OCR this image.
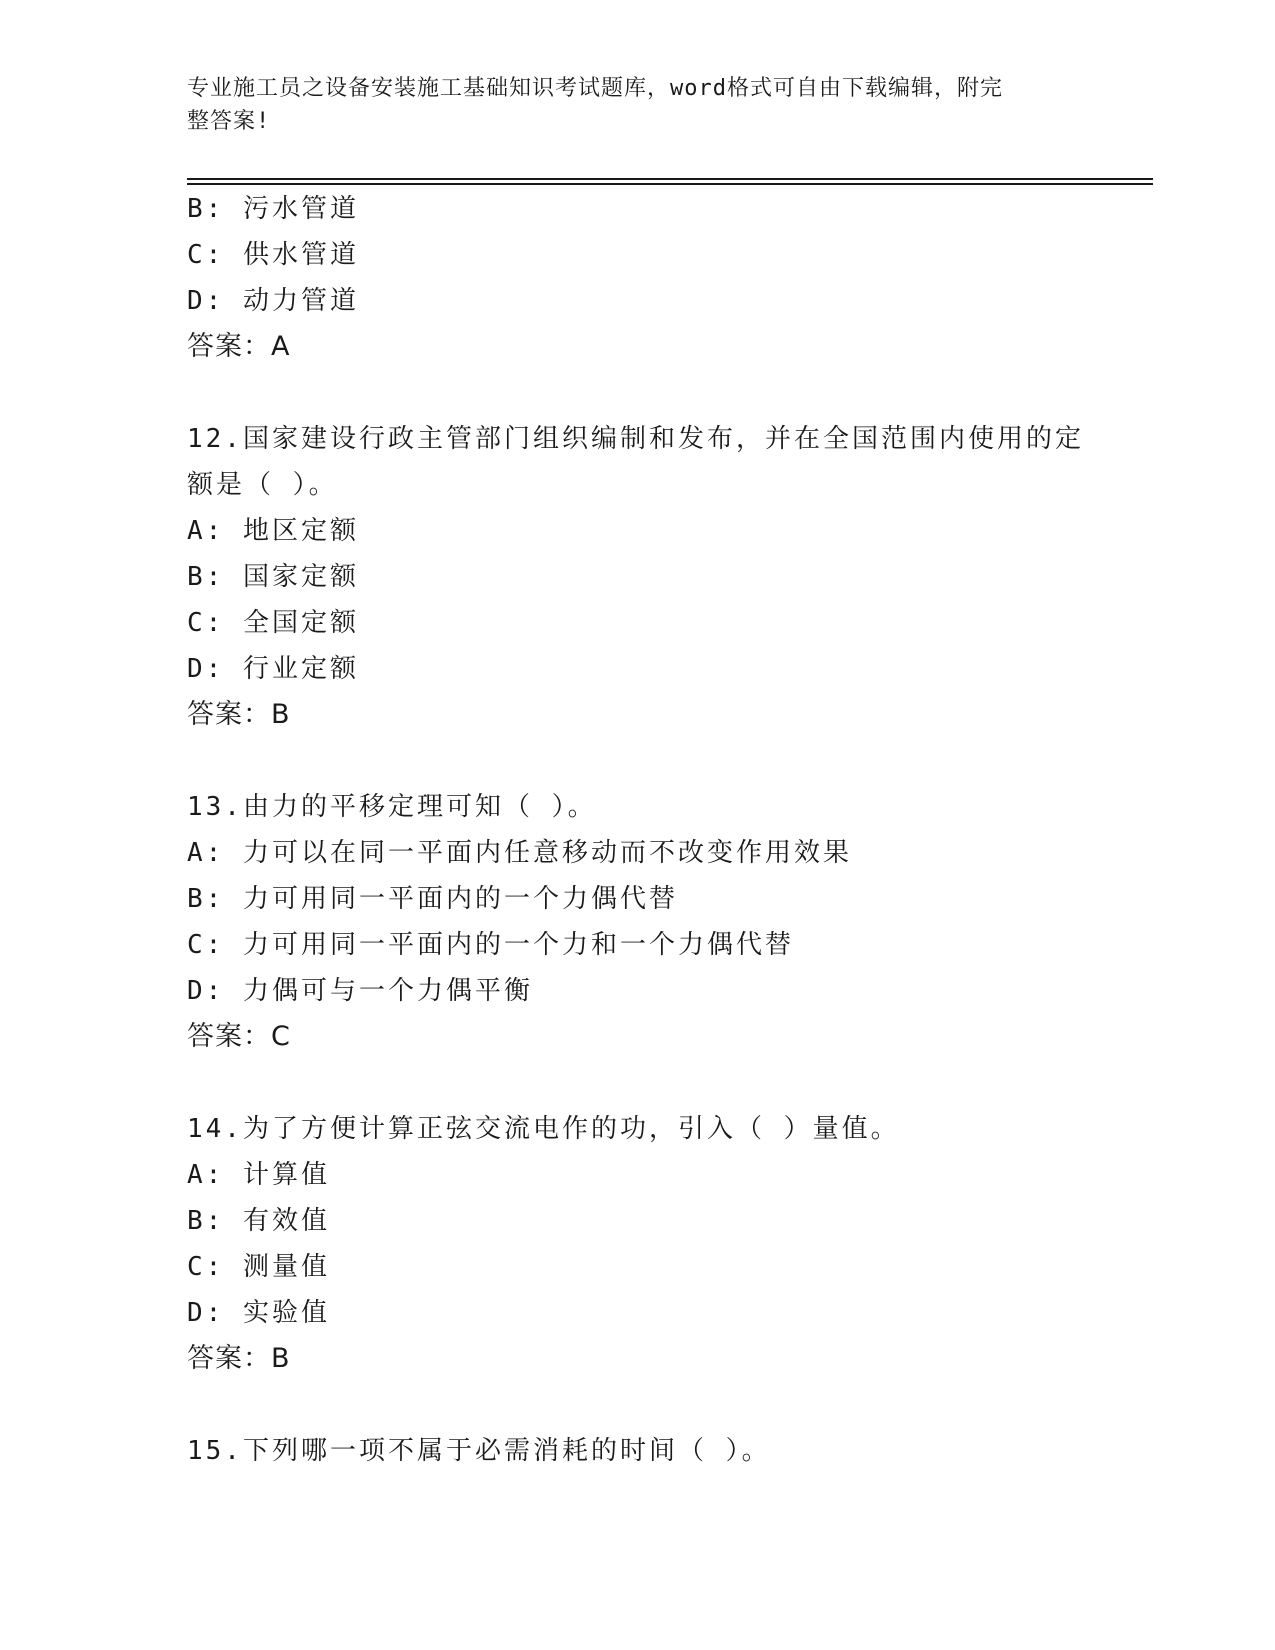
专业施工员之设备安装施工基础知识考试题库，word格式可自由下载编辑，附完
整答案!
B: 污水管道
C: 供水管道
D: 动力管道
答案：A
12.国家建设行政主管部门组织编制和发布，并在全国范围内使用的定
额是（ ）。
A: 地区定额
B: 国家定额
C: 全国定额
D: 行业定额
答案：B
13.由力的平移定理可知（ ）。
A: 力可以在同一平面内任意移动而不改变作用效果
B: 力可用同一平面内的一个力偶代替
C: 力可用同一平面内的一个力和一个力偶代替
D: 力偶可与一个力偶平衡
答案：C
14.为了方便计算正弦交流电作的功，引入（ ）量值。
A: 计算值
B: 有效值
C: 测量值
D: 实验值
答案：B
15.下列哪一项不属于必需消耗的时间（ ）。
